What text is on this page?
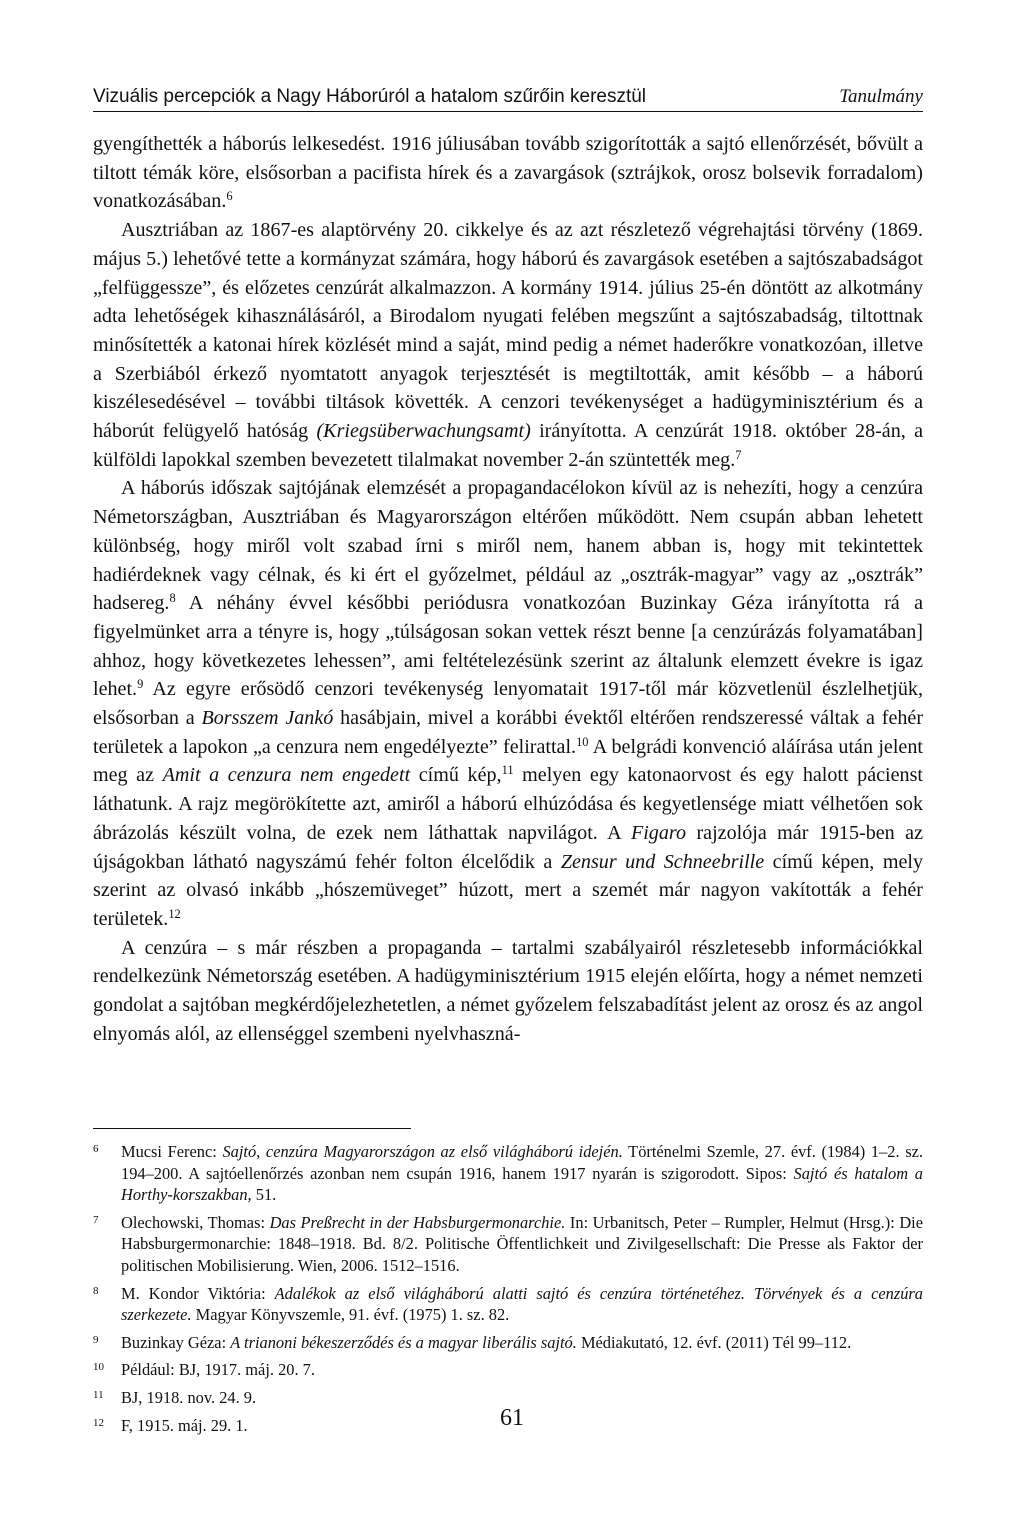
Vizuális percepciók a Nagy Háborúról a hatalom szűrőin keresztül	Tanulmány

gyengíthették a háborús lelkesedést. 1916 júliusában tovább szigorították a sajtó ellenőrzését, bővült a tiltott témák köre, elsősorban a pacifista hírek és a zavargások (sztrájkok, orosz bolsevik forradalom) vonatkozásában.$^6$

Ausztriában az 1867-es alaptörvény 20. cikkelye és az azt részletező végrehajtási törvény (1869. május 5.) lehetővé tette a kormányzat számára, hogy háború és zavargások esetében a sajtószabadságot „felfüggessze”, és előzetes cenzúrát alkalmazzon. A kormány 1914. július 25-én döntött az alkotmány adta lehetőségek kihasználásáról, a Birodalom nyugati felében megszűnt a sajtószabadság, tiltottnak minősítették a katonai hírek közlését mind a saját, mind pedig a német haderőkre vonatkozóan, illetve a Szerbiából érkező nyomtatott anyagok terjesztését is megtiltották, amit később – a háború kiszélesedésével – további tiltások követték. A cenzori tevékenységet a hadügyminisztérium és a háborút felügyelő hatóság (Kriegsüberwachungsamt) irányította. A cenzúrát 1918. október 28-án, a külföldi lapokkal szemben bevezetett tilalmakat november 2-án szüntették meg.$^7$

A háborús időszak sajtójának elemzését a propagandacélokon kívül az is nehezíti, hogy a cenzúra Németországban, Ausztriában és Magyarországon eltérően működött. Nem csupán abban lehetett különbség, hogy miről volt szabad írni s miről nem, hanem abban is, hogy mit tekintettek hadiérdeknek vagy célnak, és ki ért el győzelmet, például az „osztrák-magyar” vagy az „osztrák” hadsereg.$^8$ A néhány évvel későbbi periódusra vonatkozóan Buzinkay Géza irányította rá a figyelmünket arra a tényre is, hogy „túlságosan sokan vettek részt benne [a cenzúrázás folyamatában] ahhoz, hogy következetes lehessen”, ami feltételezésünk szerint az általunk elemzett évekre is igaz lehet.$^9$ Az egyre erősödő cenzori tevékenység lenyomatait 1917-től már közvetlenül észlelhetjük, elsősorban a Borsszem Jankó hasábjain, mivel a korábbi évektől eltérően rendszeressé váltak a fehér területek a lapokon „a cenzura nem engedélyezte” felirattal.$^{10}$ A belgrádi konvenció aláírása után jelent meg az Amit a cenzura nem engedett című kép,$^{11}$ melyen egy katonaorvost és egy halott pácienst láthatunk. A rajz megörökítette azt, amiről a háború elhúzódása és kegyetlensége miatt vélhetően sok ábrázolás készült volna, de ezek nem láthattak napvilágot. A Figaro rajzolója már 1915-ben az újságokban látható nagyszámú fehér folton élcelődik a Zensur und Schneebrille című képen, mely szerint az olvasó inkább „hószemüveget” húzott, mert a szemét már nagyon vakították a fehér területek.$^{12}$

A cenzúra – s már részben a propaganda – tartalmi szabályairól részletesebb információkkal rendelkezünk Németország esetében. A hadügyminisztérium 1915 elején előírta, hogy a német nemzeti gondolat a sajtóban megkérdőjelezhetetlen, a német győzelem felszabadítást jelent az orosz és az angol elnyomás alól, az ellenséggel szembeni nyelvhaszná-

6	Mucsi Ferenc: Sajtó, cenzúra Magyarországon az első világháború idején. Történelmi Szemle, 27. évf. (1984) 1–2. sz. 194–200. A sajtóellenőrzés azonban nem csupán 1916, hanem 1917 nyarán is szigorodott. Sipos: Sajtó és hatalom a Horthy-korszakban, 51.
7	Olechowski, Thomas: Das Preßrecht in der Habsburgermonarchie. In: Urbanitsch, Peter – Rumpler, Helmut (Hrsg.): Die Habsburgermonarchie: 1848–1918. Bd. 8/2. Politische Öffentlichkeit und Zivilgesellschaft: Die Presse als Faktor der politischen Mobilisierung. Wien, 2006. 1512–1516.
8	M. Kondor Viktória: Adalékok az első világháború alatti sajtó és cenzúra történetéhez. Törvények és a cenzúra szerkezete. Magyar Könyvszemle, 91. évf. (1975) 1. sz. 82.
9	Buzinkay Géza: A trianoni békeszerződés és a magyar liberális sajtó. Médiakutató, 12. évf. (2011) Tél 99–112.
10	Például: BJ, 1917. máj. 20. 7.
11	BJ, 1918. nov. 24. 9.
12	F, 1915. máj. 29. 1.	61
